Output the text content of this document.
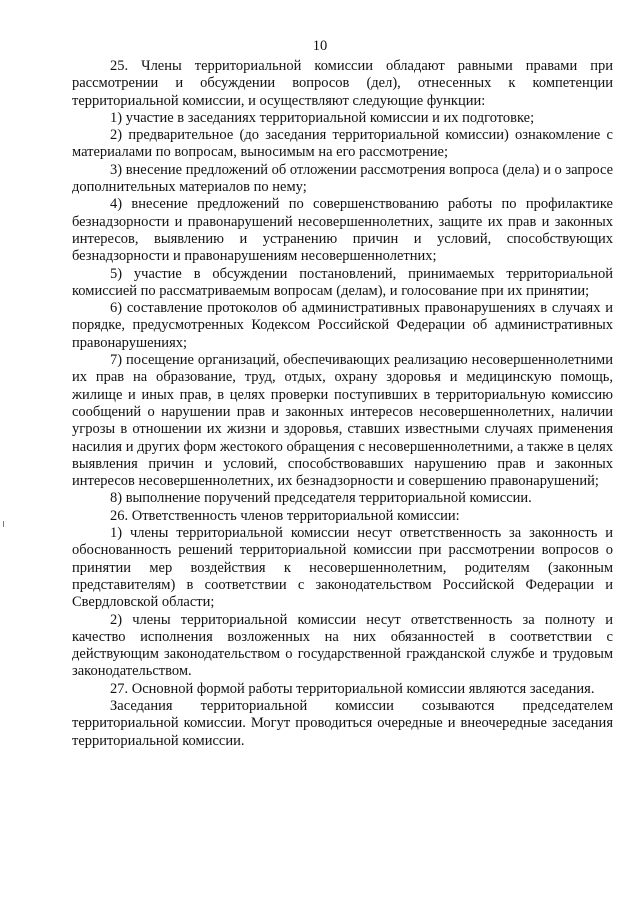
10

25. Члены территориальной комиссии обладают равными правами при рассмотрении и обсуждении вопросов (дел), отнесенных к компетенции территориальной комиссии, и осуществляют следующие функции:

1) участие в заседаниях территориальной комиссии и их подготовке;

2) предварительное (до заседания территориальной комиссии) ознакомление с материалами по вопросам, выносимым на его рассмотрение;

3) внесение предложений об отложении рассмотрения вопроса (дела) и о запросе дополнительных материалов по нему;

4) внесение предложений по совершенствованию работы по профилактике безнадзорности и правонарушений несовершеннолетних, защите их прав и законных интересов, выявлению и устранению причин и условий, способствующих безнадзорности и правонарушениям несовершеннолетних;

5) участие в обсуждении постановлений, принимаемых территориальной комиссией по рассматриваемым вопросам (делам), и голосование при их принятии;

6) составление протоколов об административных правонарушениях в случаях и порядке, предусмотренных Кодексом Российской Федерации об административных правонарушениях;

7) посещение организаций, обеспечивающих реализацию несовершеннолетними их прав на образование, труд, отдых, охрану здоровья и медицинскую помощь, жилище и иных прав, в целях проверки поступивших в территориальную комиссию сообщений о нарушении прав и законных интересов несовершеннолетних, наличии угрозы в отношении их жизни и здоровья, ставших известными случаях применения насилия и других форм жестокого обращения с несовершеннолетними, а также в целях выявления причин и условий, способствовавших нарушению прав и законных интересов несовершеннолетних, их безнадзорности и совершению правонарушений;

8) выполнение поручений председателя территориальной комиссии.

26. Ответственность членов территориальной комиссии:

1) члены территориальной комиссии несут ответственность за законность и обоснованность решений территориальной комиссии при рассмотрении вопросов о принятии мер воздействия к несовершеннолетним, родителям (законным представителям) в соответствии с законодательством Российской Федерации и Свердловской области;

2) члены территориальной комиссии несут ответственность за полноту и качество исполнения возложенных на них обязанностей в соответствии с действующим законодательством о государственной гражданской службе и трудовым законодательством.

27. Основной формой работы территориальной комиссии являются заседания.

Заседания территориальной комиссии созываются председателем территориальной комиссии. Могут проводиться очередные и внеочередные заседания территориальной комиссии.
